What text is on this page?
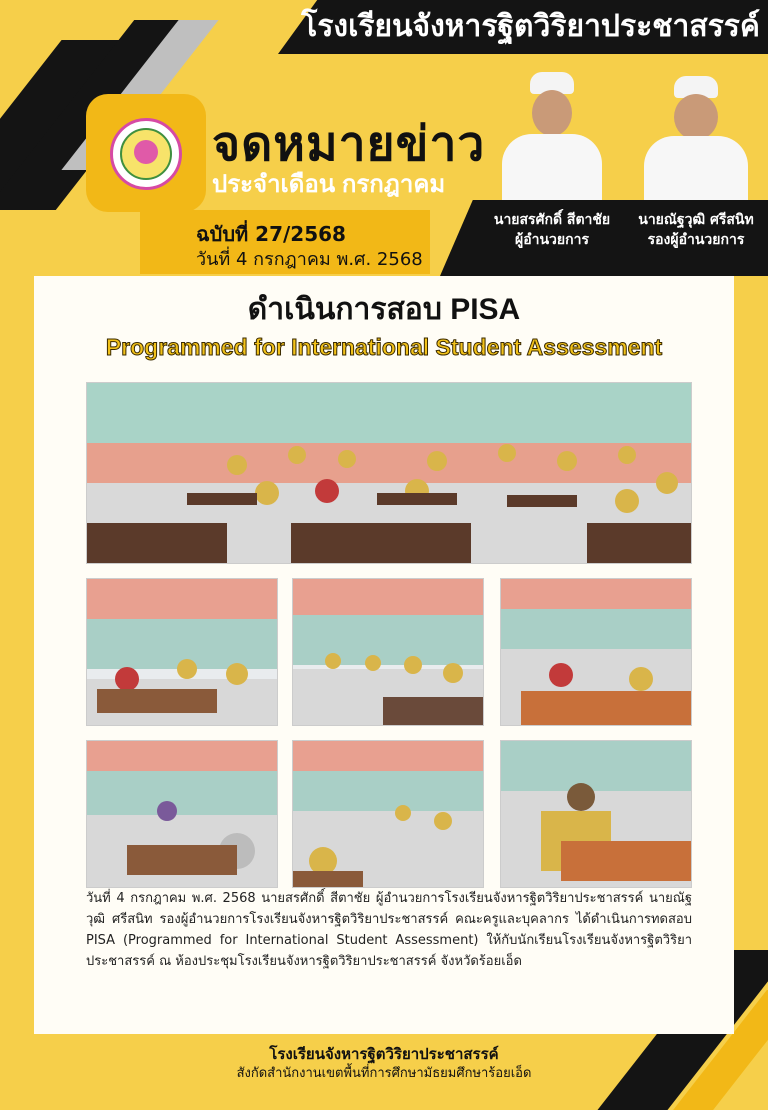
โรงเรียนจังหารฐิตวิริยาประชาสรรค์
จดหมายข่าว
ประจำเดือน กรกฎาคม
ฉบับที่ 27/2568
วันที่ 4 กรกฎาคม พ.ศ. 2568
นายสรศักดิ์ สีตาชัย
ผู้อำนวยการ
นายณัฐวุฒิ ศรีสนิท
รองผู้อำนวยการ
ดำเนินการสอบ PISA
Programmed for International Student Assessment
วันที่ 4 กรกฎาคม พ.ศ. 2568 นายสรศักดิ์ สีตาชัย ผู้อำนวยการโรงเรียนจังหารฐิตวิริยาประชาสรรค์ นายณัฐวุฒิ ศรีสนิท รองผู้อำนวยการโรงเรียนจังหารฐิตวิริยาประชาสรรค์ คณะครูและบุคลากร ได้ดำเนินการทดสอบ PISA (Programmed for International Student Assessment) ให้กับนักเรียนโรงเรียนจังหารฐิตวิริยาประชาสรรค์ ณ ห้องประชุมโรงเรียนจังหารฐิตวิริยาประชาสรรค์ จังหวัดร้อยเอ็ด
โรงเรียนจังหารฐิตวิริยาประชาสรรค์
สังกัดสำนักงานเขตพื้นที่การศึกษามัธยมศึกษาร้อยเอ็ด
